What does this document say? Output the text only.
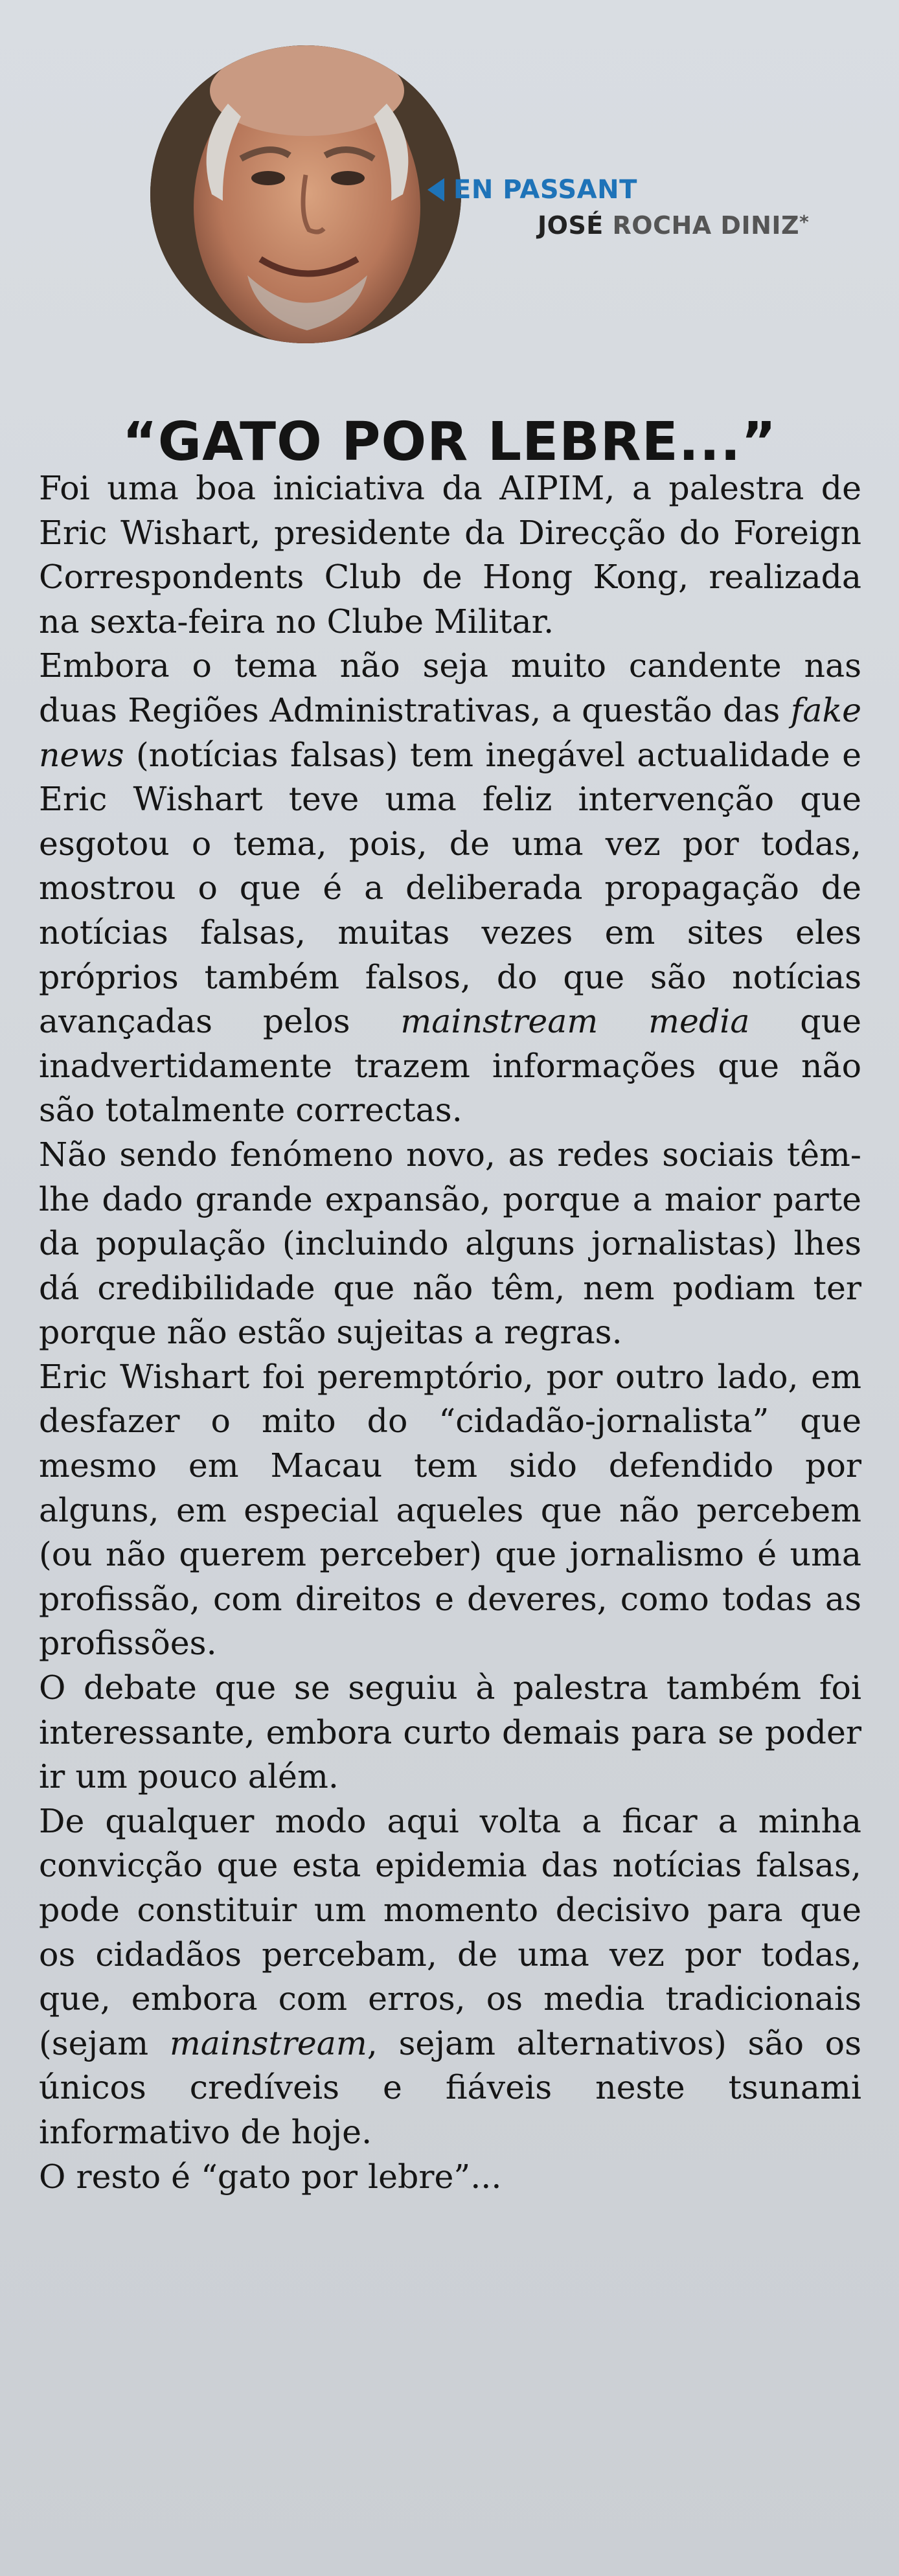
EN PASSANT
JOSÉ ROCHA DINIZ*
“GATO POR LEBRE...”

Foi uma boa iniciativa da AIPIM, a palestra de Eric Wishart, presidente da Direcção do Foreign Correspondents Club de Hong Kong, realizada na sexta-feira no Clube Militar.

Embora o tema não seja muito candente nas duas Regiões Administrativas, a questão das fake news (notícias falsas) tem inegável actualidade e Eric Wishart teve uma feliz intervenção que esgotou o tema, pois, de uma vez por todas, mostrou o que é a deliberada propagação de notícias falsas, muitas vezes em sites eles próprios também falsos, do que são notícias avançadas pelos mainstream media que inadvertidamente trazem informações que não são totalmente correctas.

Não sendo fenómeno novo, as redes sociais têm-lhe dado grande expansão, porque a maior parte da população (incluindo alguns jornalistas) lhes dá credibilidade que não têm, nem podiam ter porque não estão sujeitas a regras.

Eric Wishart foi peremptório, por outro lado, em desfazer o mito do “cidadão-jornalista” que mesmo em Macau tem sido defendido por alguns, em especial aqueles que não percebem (ou não querem perceber) que jornalismo é uma profissão, com direitos e deveres, como todas as profissões.

O debate que se seguiu à palestra também foi interessante, embora curto demais para se poder ir um pouco além.

De qualquer modo aqui volta a ficar a minha convicção que esta epidemia das notícias falsas, pode constituir um momento decisivo para que os cidadãos percebam, de uma vez por todas, que, embora com erros, os media tradicionais (sejam mainstream, sejam alternativos) são os únicos credíveis e fiáveis neste tsunami informativo de hoje.

O resto é “gato por lebre”...
